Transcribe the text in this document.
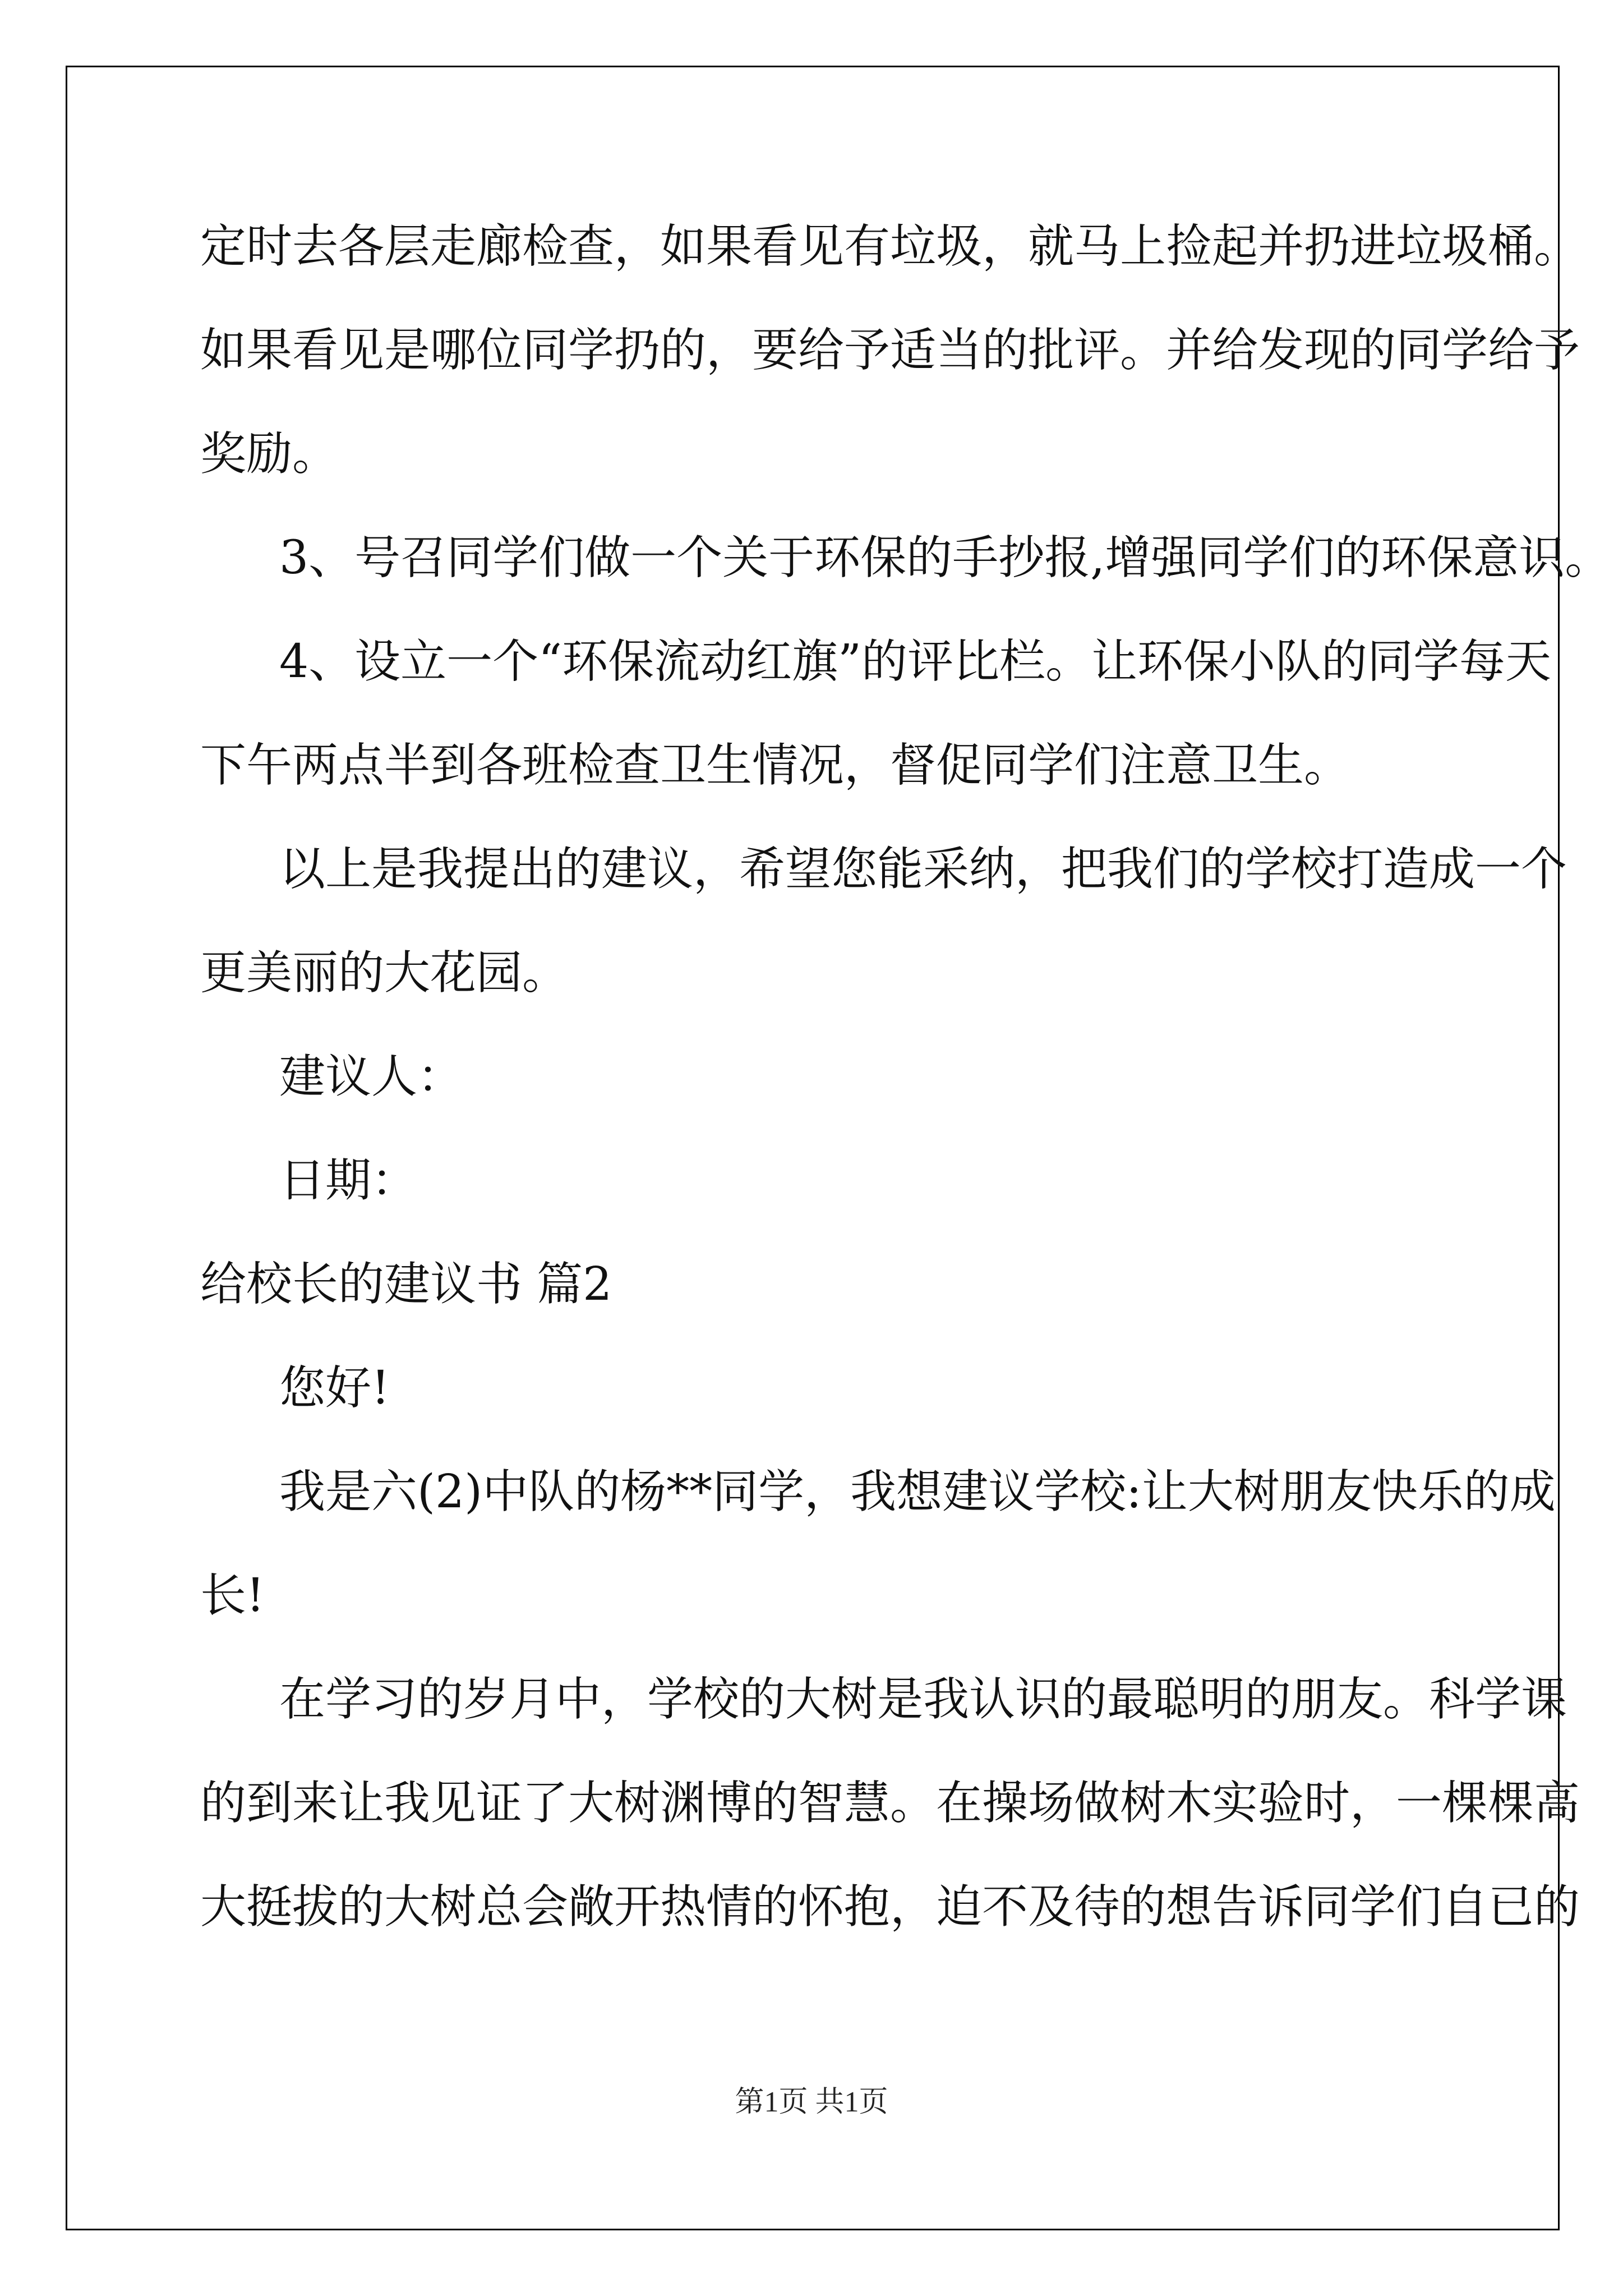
定时去各层走廊检查，如果看见有垃圾，就马上捡起并扔进垃圾桶。
如果看见是哪位同学扔的，要给予适当的批评。并给发现的同学给予
奖励。
3、号召同学们做一个关于环保的手抄报,增强同学们的环保意识。
4、设立一个“环保流动红旗”的评比栏。让环保小队的同学每天
下午两点半到各班检查卫生情况，督促同学们注意卫生。
以上是我提出的建议，希望您能采纳，把我们的学校打造成一个
更美丽的大花园。
建议人：
日期：
给校长的建议书 篇2
您好!
我是六(2)中队的杨**同学，我想建议学校:让大树朋友快乐的成
长!
在学习的岁月中，学校的大树是我认识的最聪明的朋友。科学课
的到来让我见证了大树渊博的智慧。在操场做树木实验时，一棵棵高
大挺拔的大树总会敞开热情的怀抱，迫不及待的想告诉同学们自已的
第1页 共1页
